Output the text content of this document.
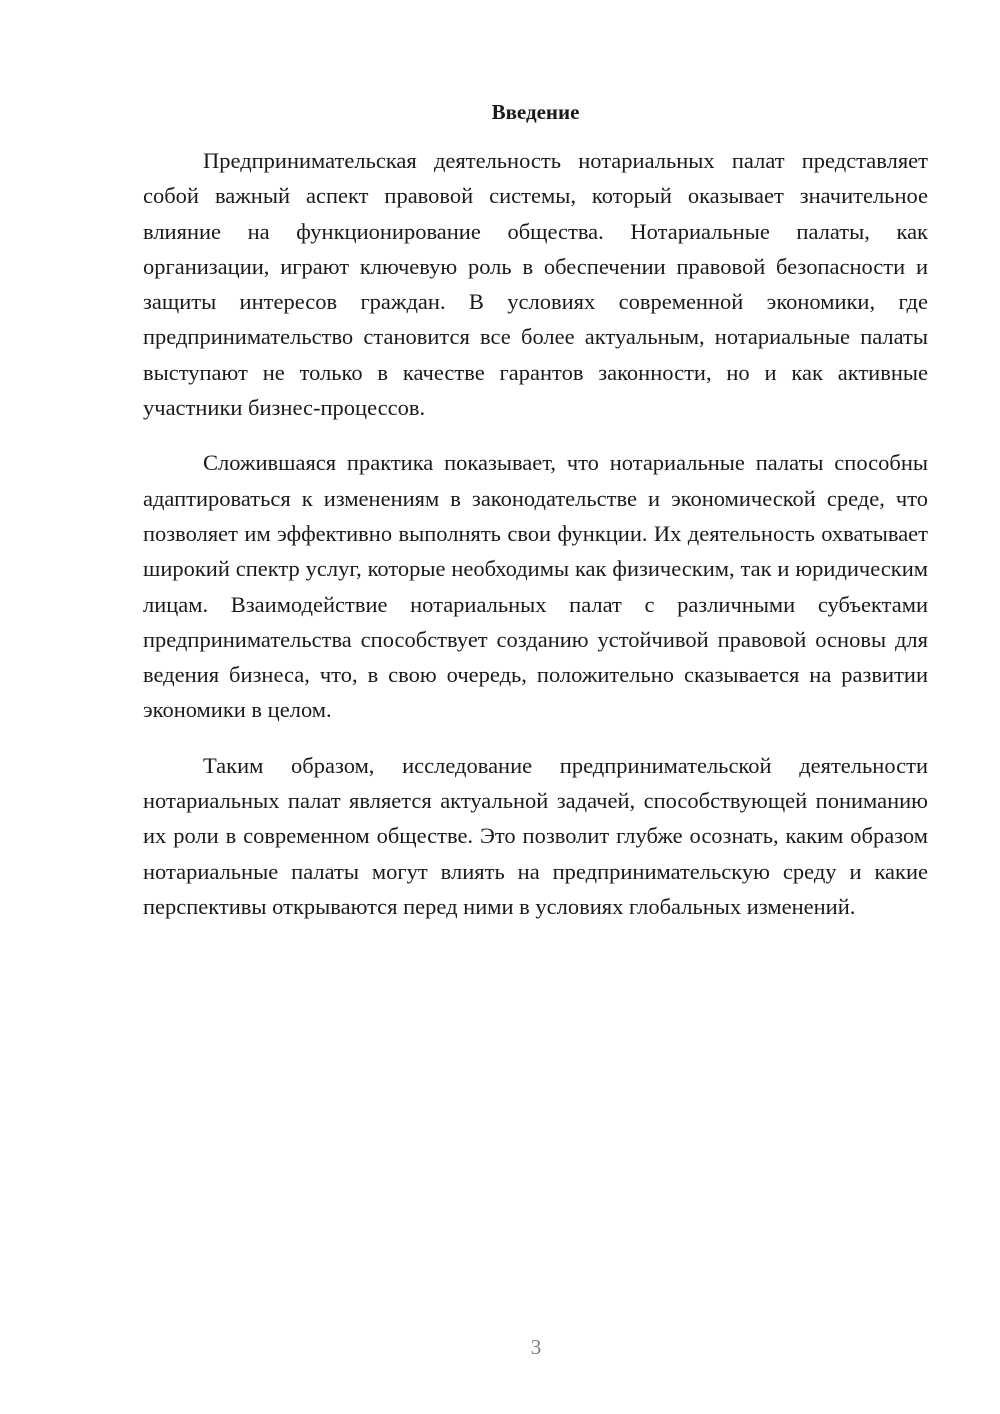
Введение

Предпринимательская деятельность нотариальных палат представляет собой важный аспект правовой системы, который оказывает значительное влияние на функционирование общества. Нотариальные палаты, как организации, играют ключевую роль в обеспечении правовой безопасности и защиты интересов граждан. В условиях современной экономики, где предпринимательство становится все более актуальным, нотариальные палаты выступают не только в качестве гарантов законности, но и как активные участники бизнес-процессов.

Сложившаяся практика показывает, что нотариальные палаты способны адаптироваться к изменениям в законодательстве и экономической среде, что позволяет им эффективно выполнять свои функции. Их деятельность охватывает широкий спектр услуг, которые необходимы как физическим, так и юридическим лицам. Взаимодействие нотариальных палат с различными субъектами предпринимательства способствует созданию устойчивой правовой основы для ведения бизнеса, что, в свою очередь, положительно сказывается на развитии экономики в целом.

Таким образом, исследование предпринимательской деятельности нотариальных палат является актуальной задачей, способствующей пониманию их роли в современном обществе. Это позволит глубже осознать, каким образом нотариальные палаты могут влиять на предпринимательскую среду и какие перспективы открываются перед ними в условиях глобальных изменений.

3
